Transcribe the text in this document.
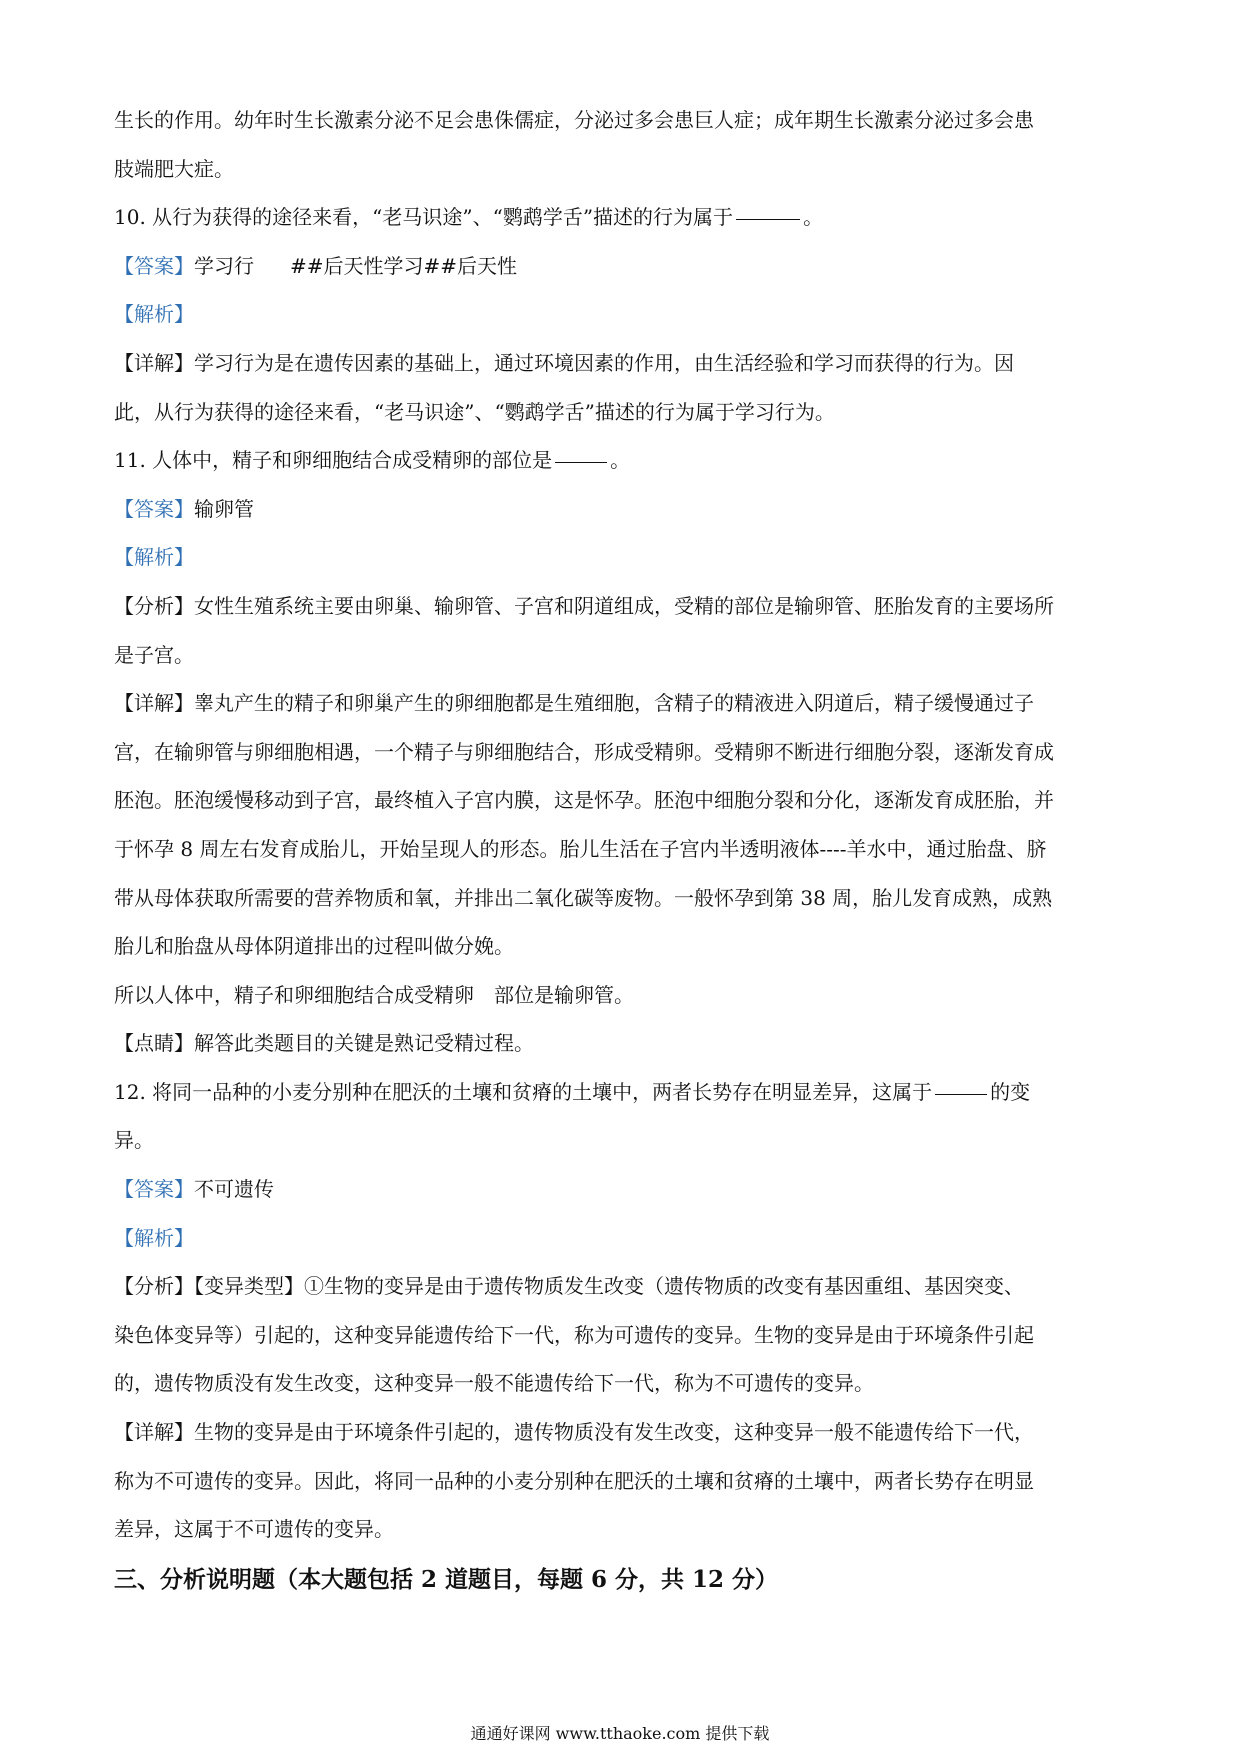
生长的作用。幼年时生长激素分泌不足会患侏儒症，分泌过多会患巨人症；成年期生长激素分泌过多会患

肢端肥大症。

10. 从行为获得的途径来看，“老马识途”、“鹦鹉学舌”描述的行为属于	。

【答案】学习行 ##后天性学习##后天性

【解析】

【详解】学习行为是在遗传因素的基础上，通过环境因素的作用，由生活经验和学习而获得的行为。因

此，从行为获得的途径来看，“老马识途”、“鹦鹉学舌”描述的行为属于学习行为。

11. 人体中，精子和卵细胞结合成受精卵的部位是	。

【答案】输卵管

【解析】

【分析】女性生殖系统主要由卵巢、输卵管、子宫和阴道组成，受精的部位是输卵管、胚胎发育的主要场所

是子宫。

【详解】睾丸产生的精子和卵巢产生的卵细胞都是生殖细胞，含精子的精液进入阴道后，精子缓慢通过子

宫，在输卵管与卵细胞相遇，一个精子与卵细胞结合，形成受精卵。受精卵不断进行细胞分裂，逐渐发育成

胚泡。胚泡缓慢移动到子宫，最终植入子宫内膜，这是怀孕。胚泡中细胞分裂和分化，逐渐发育成胚胎，并

于怀孕 8 周左右发育成胎儿，开始呈现人的形态。胎儿生活在子宫内半透明液体----羊水中，通过胎盘、脐

带从母体获取所需要的营养物质和氧，并排出二氧化碳等废物。一般怀孕到第 38 周，胎儿发育成熟，成熟

胎儿和胎盘从母体阴道排出的过程叫做分娩。

所以人体中，精子和卵细胞结合成受精卵　部位是输卵管。

【点睛】解答此类题目的关键是熟记受精过程。

12. 将同一品种的小麦分别种在肥沃的土壤和贫瘠的土壤中，两者长势存在明显差异，这属于	的变

异。

【答案】不可遗传

【解析】

【分析】【变异类型】①生物的变异是由于遗传物质发生改变（遗传物质的改变有基因重组、基因突变、

染色体变异等）引起的，这种变异能遗传给下一代，称为可遗传的变异。生物的变异是由于环境条件引起

的，遗传物质没有发生改变，这种变异一般不能遗传给下一代，称为不可遗传的变异。

【详解】生物的变异是由于环境条件引起的，遗传物质没有发生改变，这种变异一般不能遗传给下一代，

称为不可遗传的变异。因此，将同一品种的小麦分别种在肥沃的土壤和贫瘠的土壤中，两者长势存在明显

差异，这属于不可遗传的变异。

三、分析说明题（本大题包括 2 道题目，每题 6 分，共 12 分）

通通好课网 www.tthaoke.com 提供下载
